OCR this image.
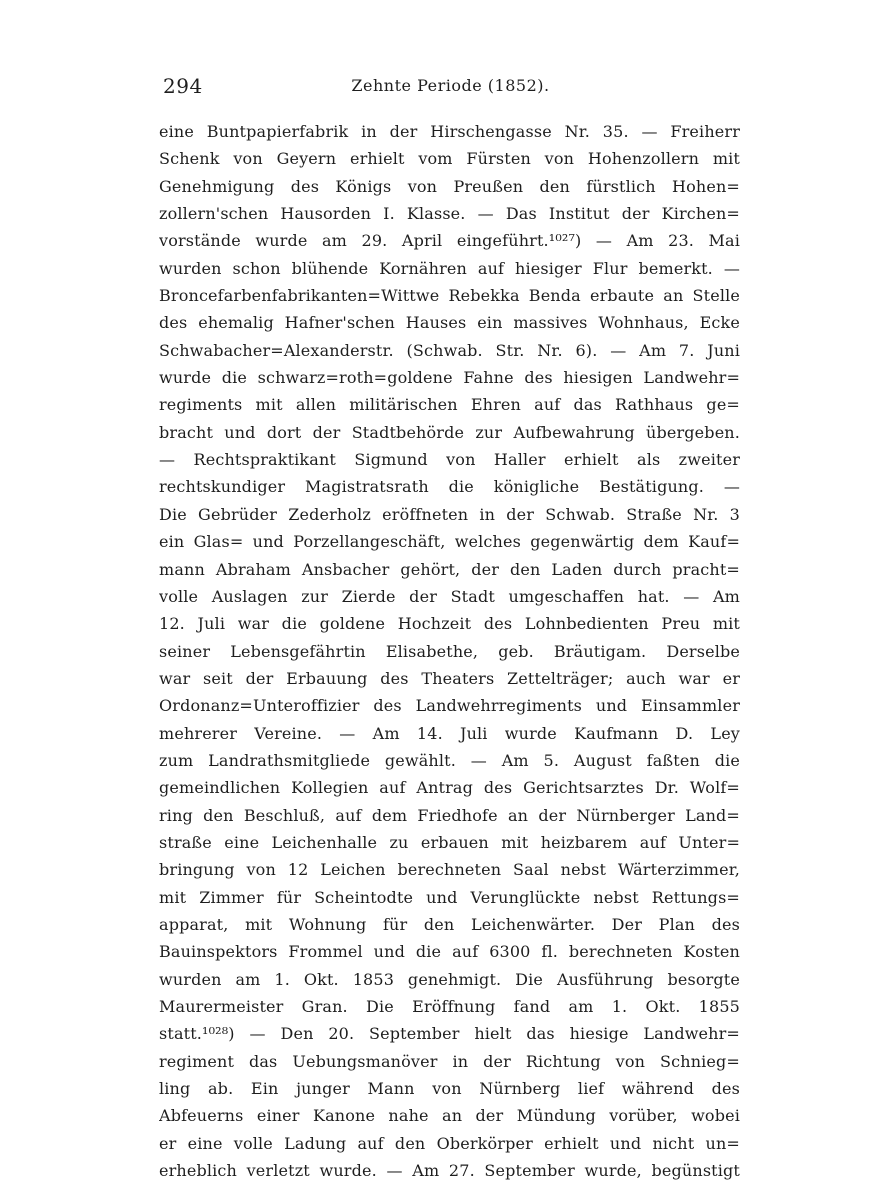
294	Zehnte Periode (1852).
eine Buntpapierfabrik in der Hirschengasse Nr. 35. — Freiherr
Schenk von Geyern erhielt vom Fürsten von Hohenzollern mit
Genehmigung des Königs von Preußen den fürstlich Hohen=
zollern'schen Hausorden I. Klasse. — Das Institut der Kirchen=
vorstände wurde am 29. April eingeführt.¹⁰²⁷) — Am 23. Mai
wurden schon blühende Kornähren auf hiesiger Flur bemerkt. —
Broncefarbenfabrikanten=Wittwe Rebekka Benda erbaute an Stelle
des ehemalig Hafner'schen Hauses ein massives Wohnhaus, Ecke
Schwabacher=Alexanderstr. (Schwab. Str. Nr. 6). — Am 7. Juni
wurde die schwarz=roth=goldene Fahne des hiesigen Landwehr=
regiments mit allen militärischen Ehren auf das Rathhaus ge=
bracht und dort der Stadtbehörde zur Aufbewahrung übergeben.
— Rechtspraktikant Sigmund von Haller erhielt als zweiter
rechtskundiger Magistratsrath die königliche Bestätigung. —
Die Gebrüder Zederholz eröffneten in der Schwab. Straße Nr. 3
ein Glas= und Porzellangeschäft, welches gegenwärtig dem Kauf=
mann Abraham Ansbacher gehört, der den Laden durch pracht=
volle Auslagen zur Zierde der Stadt umgeschaffen hat. — Am
12. Juli war die goldene Hochzeit des Lohnbedienten Preu mit
seiner Lebensgefährtin Elisabethe, geb. Bräutigam. Derselbe
war seit der Erbauung des Theaters Zettelträger; auch war er
Ordonanz=Unteroffizier des Landwehrregiments und Einsammler
mehrerer Vereine. — Am 14. Juli wurde Kaufmann D. Ley
zum Landrathsmitgliede gewählt. — Am 5. August faßten die
gemeindlichen Kollegien auf Antrag des Gerichtsarztes Dr. Wolf=
ring den Beschluß, auf dem Friedhofe an der Nürnberger Land=
straße eine Leichenhalle zu erbauen mit heizbarem auf Unter=
bringung von 12 Leichen berechneten Saal nebst Wärterzimmer,
mit Zimmer für Scheintodte und Verunglückte nebst Rettungs=
apparat, mit Wohnung für den Leichenwärter. Der Plan des
Bauinspektors Frommel und die auf 6300 fl. berechneten Kosten
wurden am 1. Okt. 1853 genehmigt. Die Ausführung besorgte
Maurermeister Gran. Die Eröffnung fand am 1. Okt. 1855
statt.¹⁰²⁸) — Den 20. September hielt das hiesige Landwehr=
regiment das Uebungsmanöver in der Richtung von Schnieg=
ling ab. Ein junger Mann von Nürnberg lief während des
Abfeuerns einer Kanone nahe an der Mündung vorüber, wobei
er eine volle Ladung auf den Oberkörper erhielt und nicht un=
erheblich verletzt wurde. — Am 27. September wurde, begünstigt
